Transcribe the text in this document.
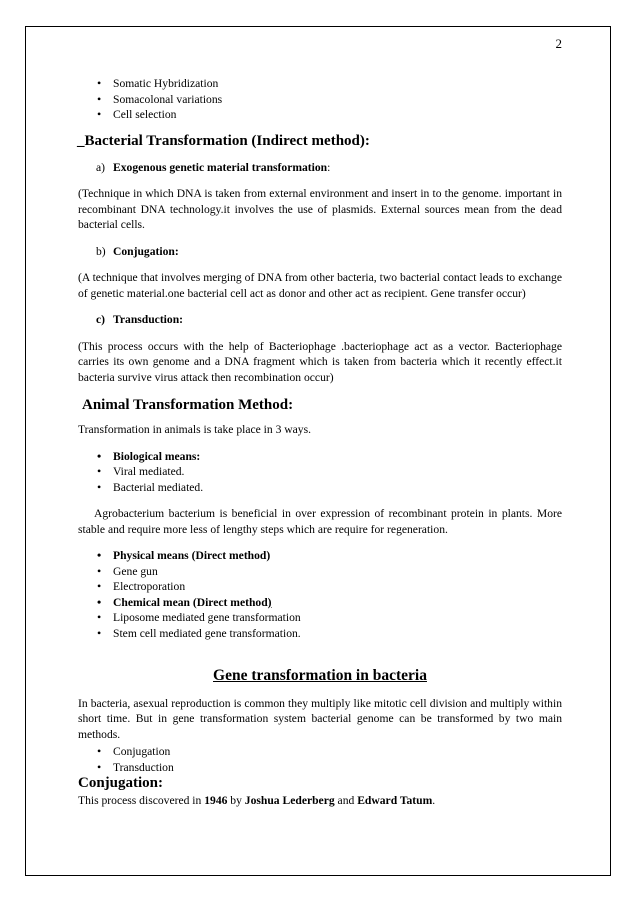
2
• Somatic Hybridization
• Somacolonal variations
• Cell selection
_Bacterial Transformation (Indirect method):
a) Exogenous genetic material transformation:
(Technique in which DNA is taken from external environment and insert in to the genome. important in recombinant DNA technology.it involves the use of plasmids. External sources mean from the dead bacterial cells.
b) Conjugation:
(A technique that involves merging of DNA from other bacteria, two bacterial contact leads to exchange of genetic material.one bacterial cell act as donor and other act as recipient. Gene transfer occur)
c) Transduction:
(This process occurs with the help of Bacteriophage .bacteriophage act as a vector. Bacteriophage carries its own genome and a DNA fragment which is taken from bacteria which it recently effect.it bacteria survive virus attack then recombination occur)
Animal Transformation Method:
Transformation in animals is take place in 3 ways.
• Biological means:
• Viral mediated.
• Bacterial mediated.
Agrobacterium bacterium is beneficial in over expression of recombinant protein in plants. More stable and require more less of lengthy steps which are require for regeneration.
• Physical means (Direct method)
• Gene gun
• Electroporation
• Chemical mean (Direct method)
• Liposome mediated gene transformation
• Stem cell mediated gene transformation.
Gene transformation in bacteria
In bacteria, asexual reproduction is common they multiply like mitotic cell division and multiply within short time. But in gene transformation system bacterial genome can be transformed by two main methods.
• Conjugation
• Transduction
Conjugation:
This process discovered in 1946 by Joshua Lederberg and Edward Tatum.
